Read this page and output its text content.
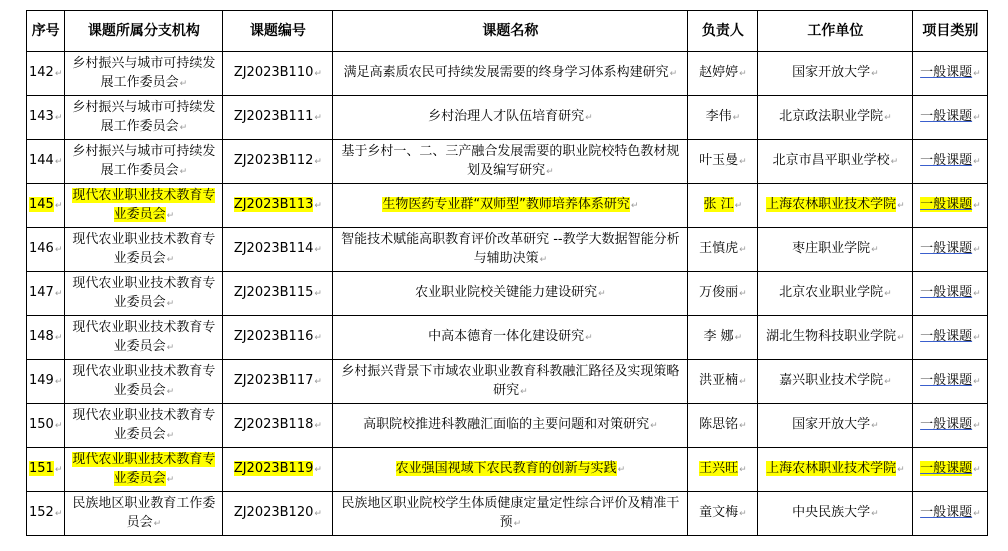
序号	课题所属分支机构	课题编号	课题名称	负责人	工作单位	项目类别
142↵	乡村振兴与城市可持续发展工作委员会↵	ZJ2023B110↵	满足高素质农民可持续发展需要的终身学习体系构建研究↵	赵婷婷↵	国家开放大学↵	一般课题↵
143↵	乡村振兴与城市可持续发展工作委员会↵	ZJ2023B111↵	乡村治理人才队伍培育研究↵	李伟↵	北京政法职业学院↵	一般课题↵
144↵	乡村振兴与城市可持续发展工作委员会↵	ZJ2023B112↵	基于乡村一、二、三产融合发展需要的职业院校特色教材规划及编写研究↵	叶玉曼↵	北京市昌平职业学校↵	一般课题↵
145↵	现代农业职业技术教育专业委员会↵	ZJ2023B113↵	生物医药专业群“双师型”教师培养体系研究↵	张 江↵	上海农林职业技术学院↵	一般课题↵
146↵	现代农业职业技术教育专业委员会↵	ZJ2023B114↵	智能技术赋能高职教育评价改革研究 --教学大数据智能分析与辅助决策↵	王慎虎↵	枣庄职业学院↵	一般课题↵
147↵	现代农业职业技术教育专业委员会↵	ZJ2023B115↵	农业职业院校关键能力建设研究↵	万俊丽↵	北京农业职业学院↵	一般课题↵
148↵	现代农业职业技术教育专业委员会↵	ZJ2023B116↵	中高本德育一体化建设研究↵	李 娜↵	湖北生物科技职业学院↵	一般课题↵
149↵	现代农业职业技术教育专业委员会↵	ZJ2023B117↵	乡村振兴背景下市域农业职业教育科教融汇路径及实现策略研究↵	洪亚楠↵	嘉兴职业技术学院↵	一般课题↵
150↵	现代农业职业技术教育专业委员会↵	ZJ2023B118↵	高职院校推进科教融汇面临的主要问题和对策研究↵	陈思铭↵	国家开放大学↵	一般课题↵
151↵	现代农业职业技术教育专业委员会↵	ZJ2023B119↵	农业强国视域下农民教育的创新与实践↵	王兴旺↵	上海农林职业技术学院↵	一般课题↵
152↵	民族地区职业教育工作委员会↵	ZJ2023B120↵	民族地区职业院校学生体质健康定量定性综合评价及精准干预↵	童文梅↵	中央民族大学↵	一般课题↵
